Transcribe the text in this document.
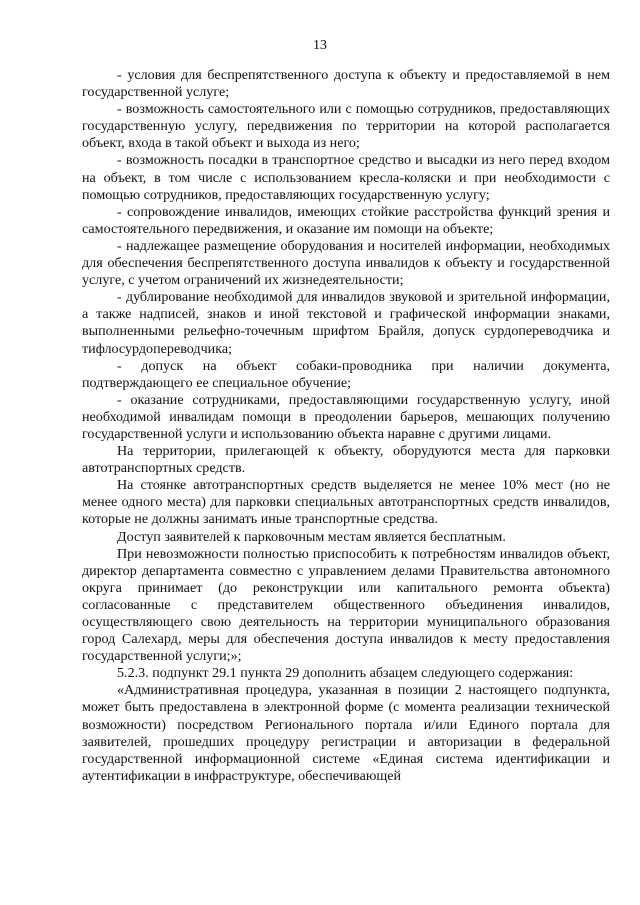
13

- условия для беспрепятственного доступа к объекту и предоставляемой в нем государственной услуге;

- возможность самостоятельного или с помощью сотрудников, предоставляющих государственную услугу, передвижения по территории на которой располагается объект, входа в такой объект и выхода из него;

- возможность посадки в транспортное средство и высадки из него перед входом на объект, в том числе с использованием кресла-коляски и при необходимости с помощью сотрудников, предоставляющих государственную услугу;

- сопровождение инвалидов, имеющих стойкие расстройства функций зрения и самостоятельного передвижения, и оказание им помощи на объекте;

- надлежащее размещение оборудования и носителей информации, необходимых для обеспечения беспрепятственного доступа инвалидов к объекту и государственной услуге, с учетом ограничений их жизнедеятельности;

- дублирование необходимой для инвалидов звуковой и зрительной информации, а также надписей, знаков и иной текстовой и графической информации знаками, выполненными рельефно-точечным шрифтом Брайля, допуск сурдопереводчика и тифлосурдопереводчика;

- допуск на объект собаки-проводника при наличии документа, подтверждающего ее специальное обучение;

- оказание сотрудниками, предоставляющими государственную услугу, иной необходимой инвалидам помощи в преодолении барьеров, мешающих получению государственной услуги и использованию объекта наравне с другими лицами.

На территории, прилегающей к объекту, оборудуются места для парковки автотранспортных средств.

На стоянке автотранспортных средств выделяется не менее 10% мест (но не менее одного места) для парковки специальных автотранспортных средств инвалидов, которые не должны занимать иные транспортные средства.

Доступ заявителей к парковочным местам является бесплатным.

При невозможности полностью приспособить к потребностям инвалидов объект, директор департамента совместно с управлением делами Правительства автономного округа принимает (до реконструкции или капитального ремонта объекта) согласованные с представителем общественного объединения инвалидов, осуществляющего свою деятельность на территории муниципального образования город Салехард, меры для обеспечения доступа инвалидов к месту предоставления государственной услуги;»;

5.2.3. подпункт 29.1 пункта 29 дополнить абзацем следующего содержания:

«Административная процедура, указанная в позиции 2 настоящего подпункта, может быть предоставлена в электронной форме (с момента реализации технической возможности) посредством Регионального портала и/или Единого портала для заявителей, прошедших процедуру регистрации и авторизации в федеральной государственной информационной системе «Единая система идентификации и аутентификации в инфраструктуре, обеспечивающей
